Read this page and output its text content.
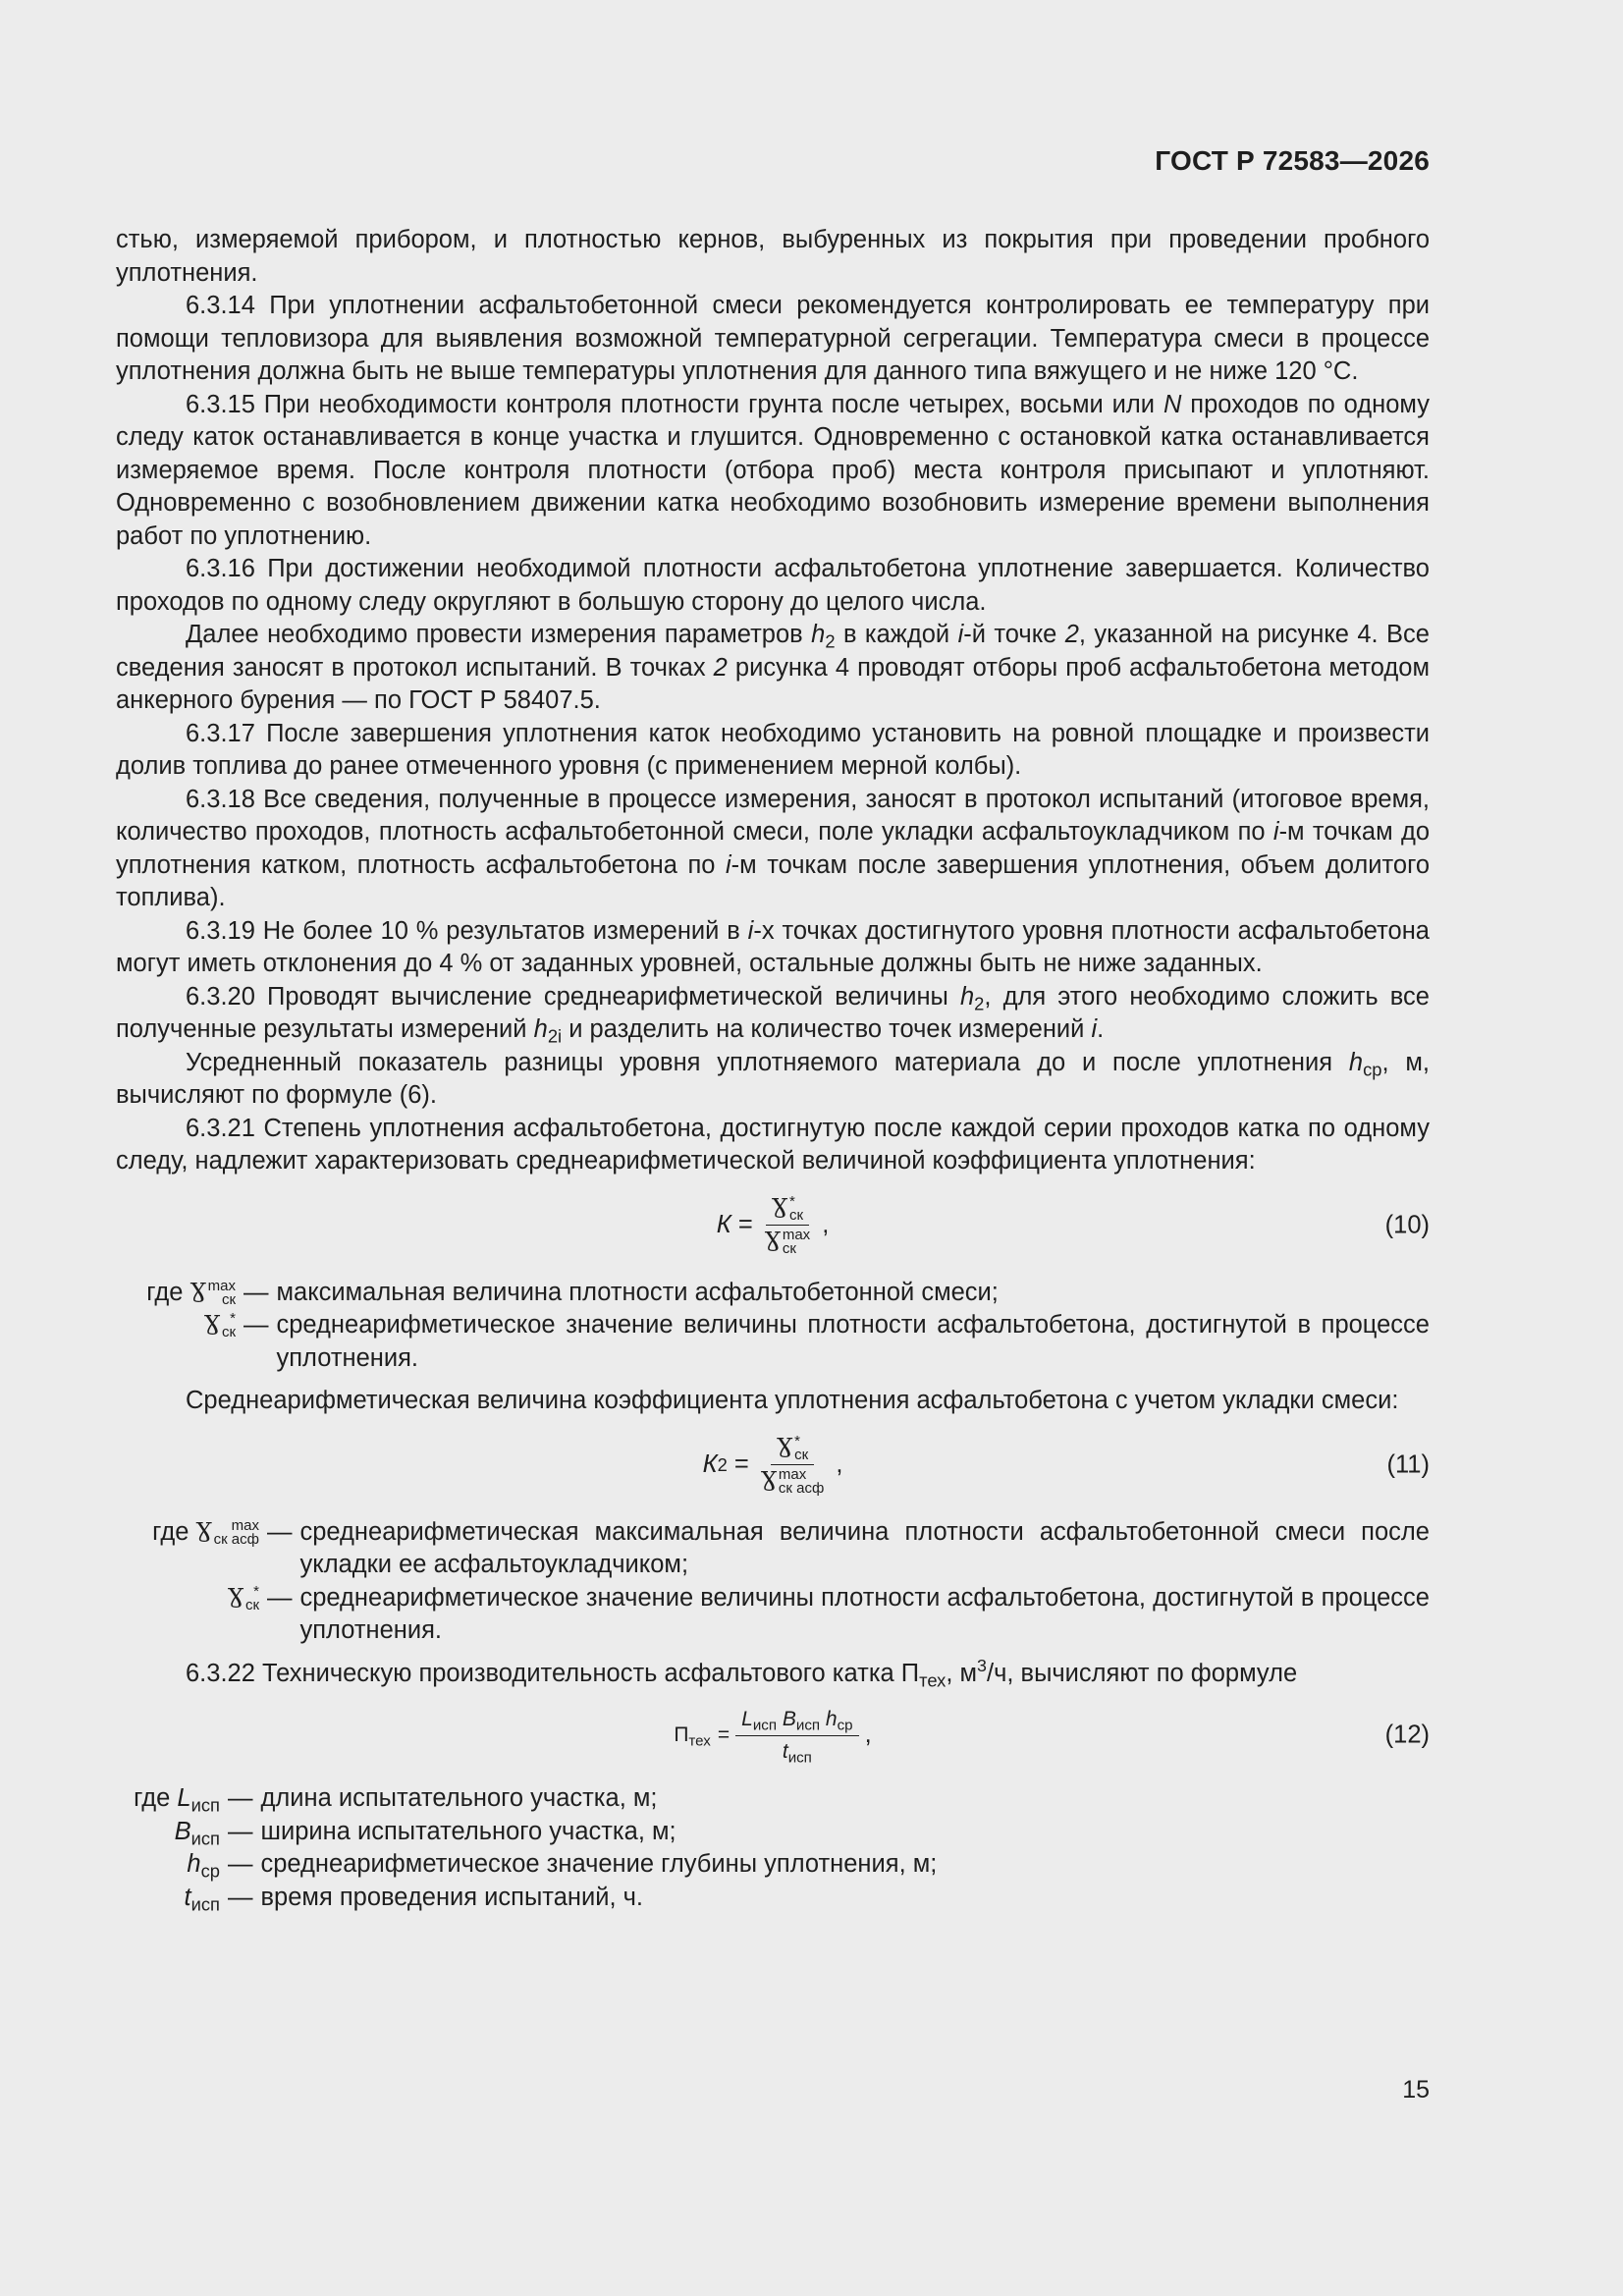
ГОСТ Р 72583—2026

стью, измеряемой прибором, и плотностью кернов, выбуренных из покрытия при проведении пробного уплотнения.

6.3.14 При уплотнении асфальтобетонной смеси рекомендуется контролировать ее температуру при помощи тепловизора для выявления возможной температурной сегрегации. Температура смеси в процессе уплотнения должна быть не выше температуры уплотнения для данного типа вяжущего и не ниже 120 °С.

6.3.15 При необходимости контроля плотности грунта после четырех, восьми или N проходов по одному следу каток останавливается в конце участка и глушится. Одновременно с остановкой катка останавливается измеряемое время. После контроля плотности (отбора проб) места контроля присыпают и уплотняют. Одновременно с возобновлением движении катка необходимо возобновить измерение времени выполнения работ по уплотнению.

6.3.16 При достижении необходимой плотности асфальтобетона уплотнение завершается. Количество проходов по одному следу округляют в большую сторону до целого числа.

Далее необходимо провести измерения параметров $h_2$ в каждой i-й точке 2, указанной на рисунке 4. Все сведения заносят в протокол испытаний. В точках 2 рисунка 4 проводят отборы проб асфальтобетона методом анкерного бурения — по ГОСТ Р 58407.5.

6.3.17 После завершения уплотнения каток необходимо установить на ровной площадке и произвести долив топлива до ранее отмеченного уровня (с применением мерной колбы).

6.3.18 Все сведения, полученные в процессе измерения, заносят в протокол испытаний (итоговое время, количество проходов, плотность асфальтобетонной смеси, поле укладки асфальтоукладчиком по i-м точкам до уплотнения катком, плотность асфальтобетона по i-м точкам после завершения уплотнения, объем долитого топлива).

6.3.19 Не более 10 % результатов измерений в i-х точках достигнутого уровня плотности асфальтобетона могут иметь отклонения до 4 % от заданных уровней, остальные должны быть не ниже заданных.

6.3.20 Проводят вычисление среднеарифметической величины $h_2$, для этого необходимо сложить все полученные результаты измерений $h_{2i}$ и разделить на количество точек измерений i.

Усредненный показатель разницы уровня уплотняемого материала до и после уплотнения $h_{ср}$, м, вычисляют по формуле (6).

6.3.21 Степень уплотнения асфальтобетона, достигнутую после каждой серии проходов катка по одному следу, надлежит характеризовать среднеарифметической величиной коэффициента уплотнения:

К
= Ɣ *
ск
Ɣ max
ск ,	(10)
где Ɣ max
ск — максимальная величина плотности асфальтобетонной смеси;
Ɣ *
ск — среднеарифметическое значение величины плотности асфальтобетона, достигнутой в процессе уплотнения.

Среднеарифметическая величина коэффициента уплотнения асфальтобетона с учетом укладки смеси:

К 2
= Ɣ *
ск
Ɣ max
ск асф ,	(11)
где Ɣ	max
ск асф — среднеарифметическая максимальная величина плотности асфальтобетонной смеси после укладки ее асфальтоукладчиком;
Ɣ *
ск — среднеарифметическое значение величины плотности асфальтобетона, достигнутой в процессе уплотнения.

6.3.22 Техническую производительность асфальтового катка $П_{тех}$, $м^3/ч$, вычисляют по формуле

$П_{тех}$
= $\frac{L_{исп} B_{исп} h_{ср}}{t_{исп}}$ ,	(12)
где $L_{исп}$ — длина испытательного участка, м;
$B_{исп}$ — ширина испытательного участка, м;
$h_{ср}$ — среднеарифметическое значение глубины уплотнения, м;
$t_{исп}$ — время проведения испытаний, ч.
15
